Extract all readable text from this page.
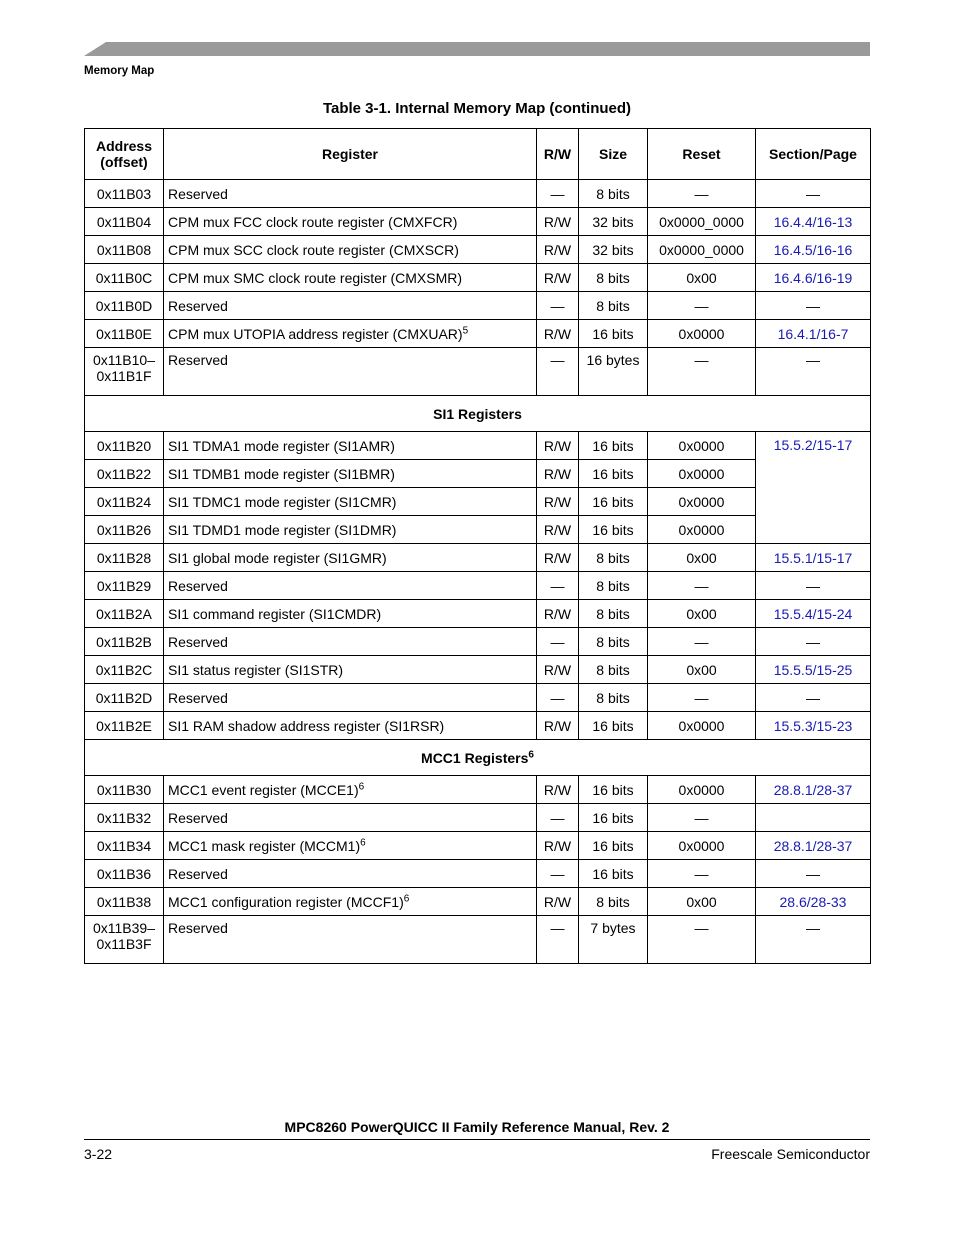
Memory Map
Table 3-1. Internal Memory Map (continued)
Address
(offset)	Register	R/W	Size	Reset	Section/Page
0x11B03	Reserved	—	8 bits	—	—
0x11B04	CPM mux FCC clock route register (CMXFCR)	R/W	32 bits	0x0000_0000	16.4.4/16-13
0x11B08	CPM mux SCC clock route register (CMXSCR)	R/W	32 bits	0x0000_0000	16.4.5/16-16
0x11B0C	CPM mux SMC clock route register (CMXSMR)	R/W	8 bits	0x00	16.4.6/16-19
0x11B0D	Reserved	—	8 bits	—	—
0x11B0E	CPM mux UTOPIA address register (CMXUAR)$^5$	R/W	16 bits	0x0000	16.4.1/16-7
0x11B10–
0x11B1F	Reserved	—	16 bytes	—	—
SI1 Registers					
0x11B20	SI1 TDMA1 mode register (SI1AMR)	R/W	16 bits	0x0000	15.5.2/15-17
0x11B22	SI1 TDMB1 mode register (SI1BMR)	R/W	16 bits	0x0000	
0x11B24	SI1 TDMC1 mode register (SI1CMR)	R/W	16 bits	0x0000	
0x11B26	SI1 TDMD1 mode register (SI1DMR)	R/W	16 bits	0x0000	
0x11B28	SI1 global mode register (SI1GMR)	R/W	8 bits	0x00	15.5.1/15-17
0x11B29	Reserved	—	8 bits	—	—
0x11B2A	SI1 command register (SI1CMDR)	R/W	8 bits	0x00	15.5.4/15-24
0x11B2B	Reserved	—	8 bits	—	—
0x11B2C	SI1 status register (SI1STR)	R/W	8 bits	0x00	15.5.5/15-25
0x11B2D	Reserved	—	8 bits	—	—
0x11B2E	SI1 RAM shadow address register (SI1RSR)	R/W	16 bits	0x0000	15.5.3/15-23
MCC1 Registers$^6$
0x11B30	MCC1 event register (MCCE1)$^6$	R/W	16 bits	0x0000	28.8.1/28-37
0x11B32	Reserved	—	16 bits	—	
0x11B34	MCC1 mask register (MCCM1)$^6$	R/W	16 bits	0x0000	28.8.1/28-37
0x11B36	Reserved	—	16 bits	—	—
0x11B38	MCC1 configuration register (MCCF1)$^6$	R/W	8 bits	0x00	28.6/28-33
0x11B39–
0x11B3F	Reserved	—	7 bytes	—	—
MPC8260 PowerQUICC II Family Reference Manual, Rev. 2
3-22	Freescale Semiconductor
